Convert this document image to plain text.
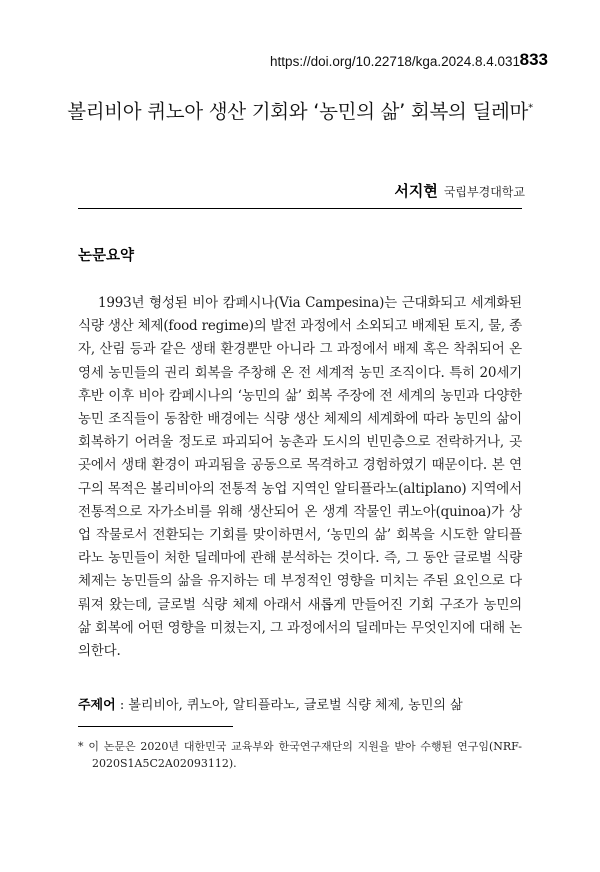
https://doi.org/10.22718/kga.2024.8.4.031 833
볼리비아 퀴노아 생산 기회와 ‘농민의 삶’ 회복의 딜레마*
서지현 국립부경대학교
논문요약

1993년 형성된 비아 캄페시나(Via Campesina)는 근대화되고 세계화된 식량 생산 체제(food regime)의 발전 과정에서 소외되고 배제된 토지, 물, 종자, 산림 등과 같은 생태 환경뿐만 아니라 그 과정에서 배제 혹은 착취되어 온 영세 농민들의 권리 회복을 주창해 온 전 세계적 농민 조직이다. 특히 20세기 후반 이후 비아 캄페시나의 ‘농민의 삶’ 회복 주장에 전 세계의 농민과 다양한 농민 조직들이 동참한 배경에는 식량 생산 체제의 세계화에 따라 농민의 삶이 회복하기 어려울 정도로 파괴되어 농촌과 도시의 빈민층으로 전락하거나, 곳곳에서 생태 환경이 파괴됨을 공동으로 목격하고 경험하였기 때문이다. 본 연구의 목적은 볼리비아의 전통적 농업 지역인 알티플라노(altiplano) 지역에서 전통적으로 자가소비를 위해 생산되어 온 생계 작물인 퀴노아(quinoa)가 상업 작물로서 전환되는 기회를 맞이하면서, ‘농민의 삶’ 회복을 시도한 알티플라노 농민들이 처한 딜레마에 관해 분석하는 것이다. 즉, 그 동안 글로벌 식량 체제는 농민들의 삶을 유지하는 데 부정적인 영향을 미치는 주된 요인으로 다뤄져 왔는데, 글로벌 식량 체제 아래서 새롭게 만들어진 기회 구조가 농민의 삶 회복에 어떤 영향을 미쳤는지, 그 과정에서의 딜레마는 무엇인지에 대해 논의한다.

주제어 : 볼리비아, 퀴노아, 알티플라노, 글로벌 식량 체제, 농민의 삶
* 이 논문은 2020년 대한민국 교육부와 한국연구재단의 지원을 받아 수행된 연구임(NRF-2020S1A5C2A02093112).
